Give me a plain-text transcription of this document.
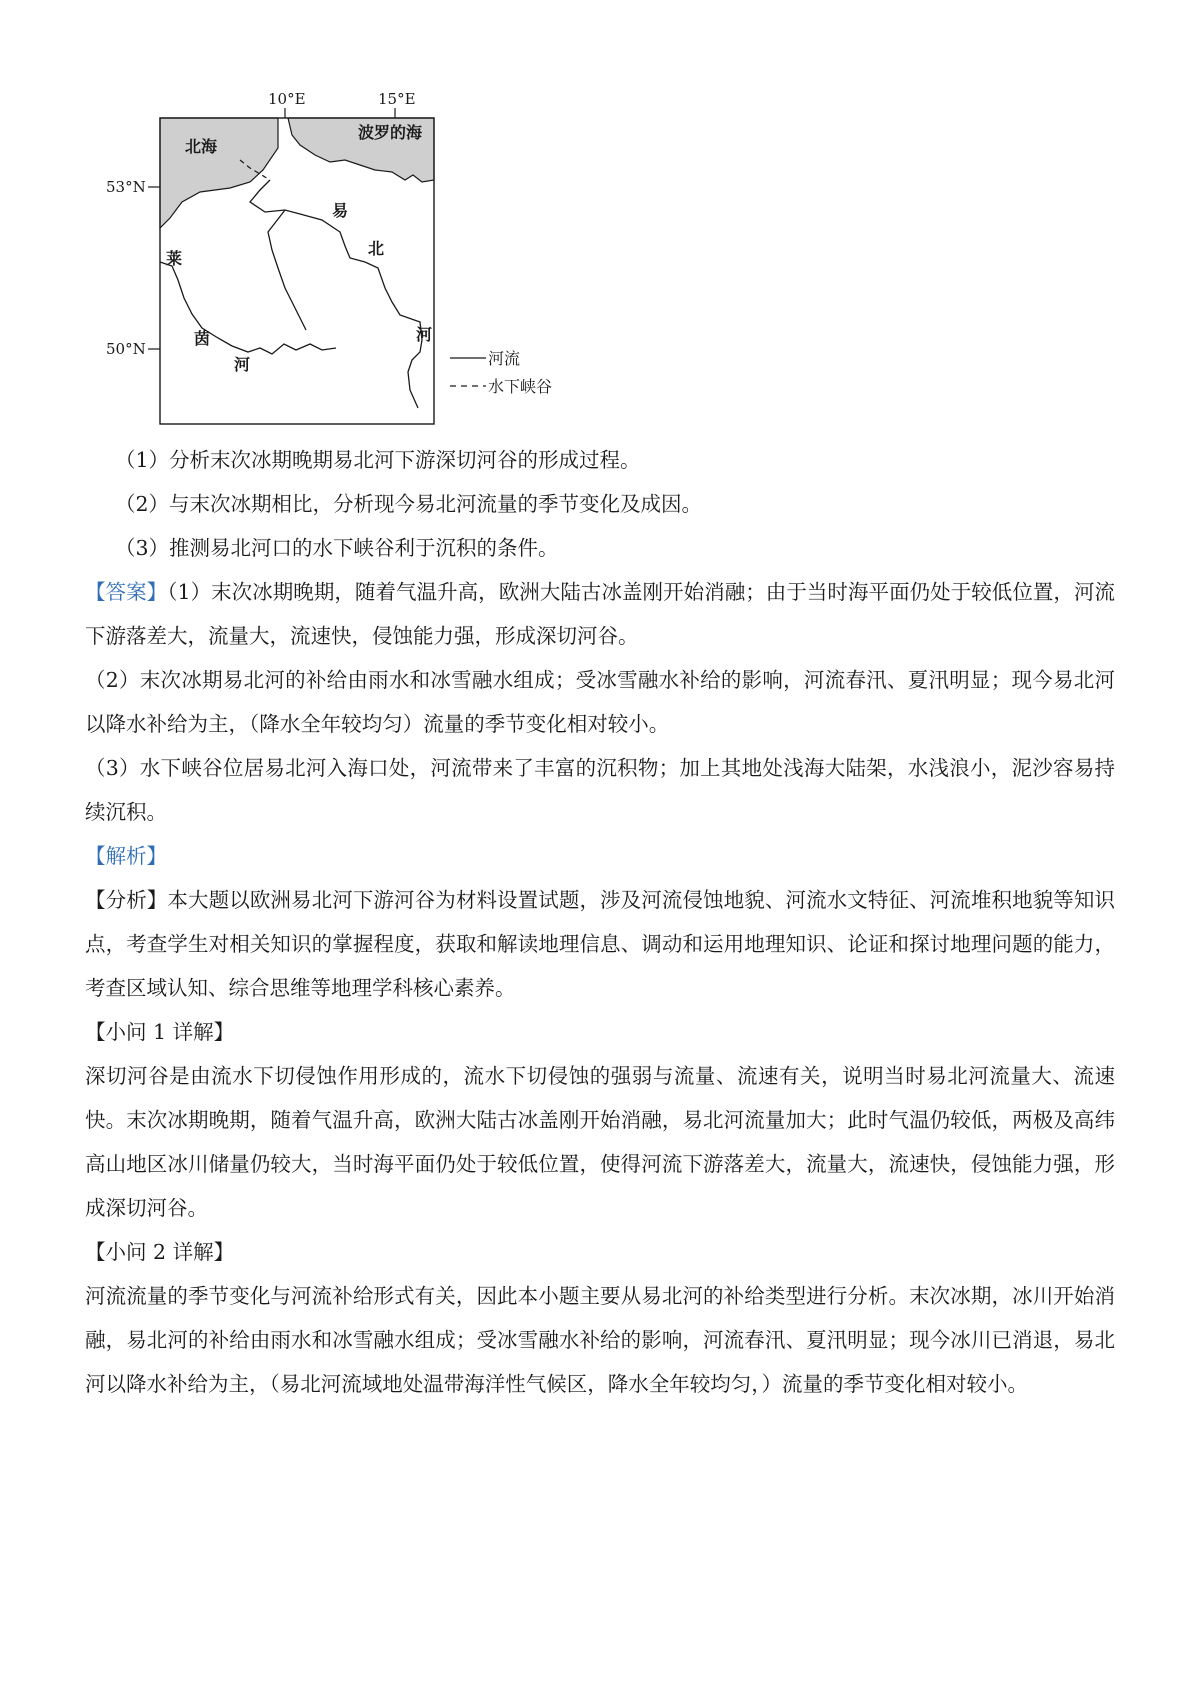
10°E	15°E
53°N
50°N
北海
波罗的海
易
北
河
莱
茵
河	河流
水下峡谷

（1）分析末次冰期晚期易北河下游深切河谷的形成过程。

（2）与末次冰期相比，分析现今易北河流量的季节变化及成因。

（3）推测易北河口的水下峡谷利于沉积的条件。

【答案】（1）末次冰期晚期，随着气温升高，欧洲大陆古冰盖刚开始消融；由于当时海平面仍处于较低位置，河流下游落差大，流量大，流速快，侵蚀能力强，形成深切河谷。

（2）末次冰期易北河的补给由雨水和冰雪融水组成；受冰雪融水补给的影响，河流春汛、夏汛明显；现今易北河以降水补给为主，（降水全年较均匀）流量的季节变化相对较小。

（3）水下峡谷位居易北河入海口处，河流带来了丰富的沉积物；加上其地处浅海大陆架，水浅浪小，泥沙容易持续沉积。

【解析】

【分析】本大题以欧洲易北河下游河谷为材料设置试题，涉及河流侵蚀地貌、河流水文特征、河流堆积地貌等知识点，考查学生对相关知识的掌握程度，获取和解读地理信息、调动和运用地理知识、论证和探讨地理问题的能力，考查区域认知、综合思维等地理学科核心素养。

【小问 1 详解】

深切河谷是由流水下切侵蚀作用形成的，流水下切侵蚀的强弱与流量、流速有关，说明当时易北河流量大、流速快。末次冰期晚期，随着气温升高，欧洲大陆古冰盖刚开始消融，易北河流量加大；此时气温仍较低，两极及高纬高山地区冰川储量仍较大，当时海平面仍处于较低位置，使得河流下游落差大，流量大，流速快，侵蚀能力强，形成深切河谷。

【小问 2 详解】

河流流量的季节变化与河流补给形式有关，因此本小题主要从易北河的补给类型进行分析。末次冰期，冰川开始消融，易北河的补给由雨水和冰雪融水组成；受冰雪融水补给的影响，河流春汛、夏汛明显；现今冰川已消退，易北河以降水补给为主，（易北河流域地处温带海洋性气候区，降水全年较均匀，）流量的季节变化相对较小。
